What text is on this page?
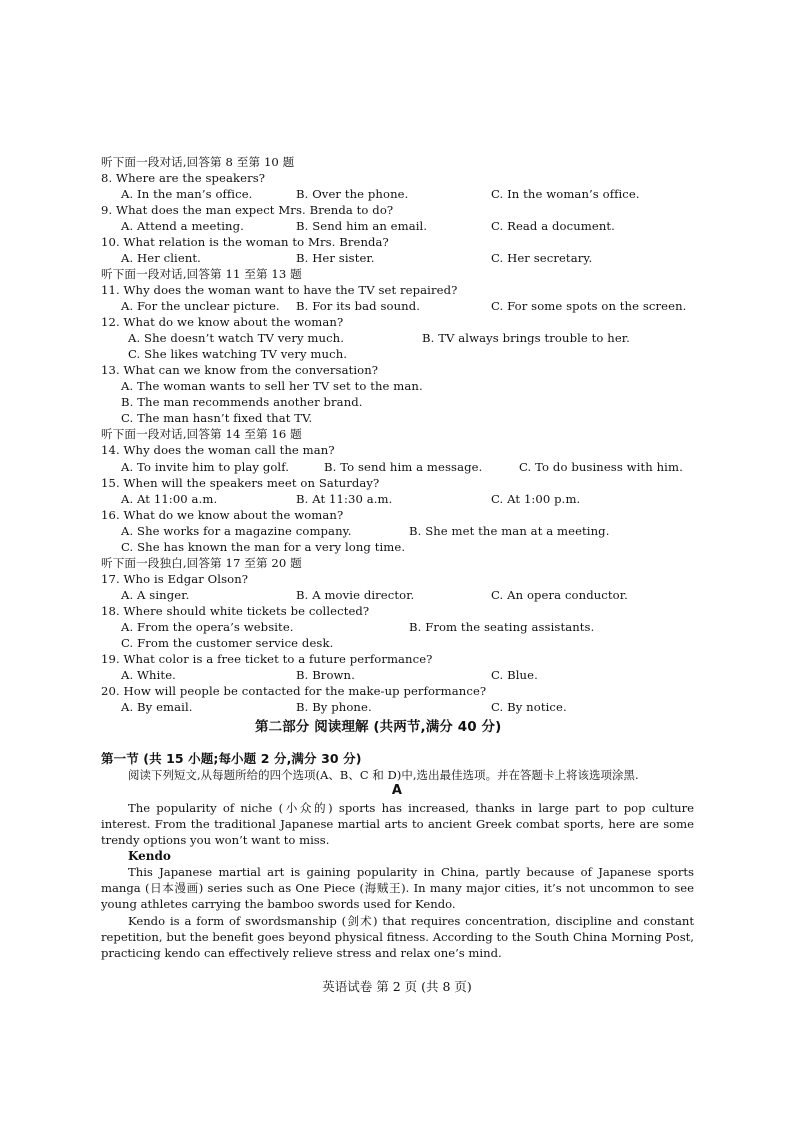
听下面一段对话,回答第 8 至第 10 题
8. Where are the speakers?
A. In the man’s office.	B. Over the phone.	C. In the woman’s office.
9. What does the man expect Mrs. Brenda to do?
A. Attend a meeting.	B. Send him an email.	C. Read a document.
10. What relation is the woman to Mrs. Brenda?
A. Her client.	B. Her sister.	C. Her secretary.
听下面一段对话,回答第 11 至第 13 题
11. Why does the woman want to have the TV set repaired?
A. For the unclear picture. B. For its bad sound.	C. For some spots on the screen.
12. What do we know about the woman?
A. She doesn’t watch TV very much.	B. TV always brings trouble to her.
C. She likes watching TV very much.
13. What can we know from the conversation?
A. The woman wants to sell her TV set to the man.
B. The man recommends another brand.
C. The man hasn’t fixed that TV.
听下面一段对话,回答第 14 至第 16 题
14. Why does the woman call the man?
A. To invite him to play golf.	B. To send him a message.	C. To do business with him.
15. When will the speakers meet on Saturday?
A. At 11:00 a.m.	B. At 11:30 a.m.	C. At 1:00 p.m.
16. What do we know about the woman?
A. She works for a magazine company.	B. She met the man at a meeting.
C. She has known the man for a very long time.
听下面一段独白,回答第 17 至第 20 题
17. Who is Edgar Olson?
A. A singer.	B. A movie director.	C. An opera conductor.
18. Where should white tickets be collected?
A. From the opera’s website.	B. From the seating assistants.
C. From the customer service desk.
19. What color is a free ticket to a future performance?
A. White.	B. Brown.	C. Blue.
20. How will people be contacted for the make-up performance?
A. By email.	B. By phone.	C. By notice.
第二部分 阅读理解 (共两节,满分 40 分)
第一节 (共 15 小题;每小题 2 分,满分 30 分)
阅读下列短文,从每题所给的四个选项(A、B、C 和 D)中,选出最佳选项。并在答题卡上将该选项涂黑.
A
The popularity of niche (小众的) sports has increased, thanks in large part to pop culture interest. From the traditional Japanese martial arts to ancient Greek combat sports, here are some trendy options you won’t want to miss.
Kendo
This Japanese martial art is gaining popularity in China, partly because of Japanese sports manga (日本漫画) series such as One Piece (海贼王). In many major cities, it’s not uncommon to see young athletes carrying the bamboo swords used for Kendo.
Kendo is a form of swordsmanship (剑术) that requires concentration, discipline and constant repetition, but the benefit goes beyond physical fitness. According to the South China Morning Post, practicing kendo can effectively relieve stress and relax one’s mind.
英语试卷 第 2 页 (共 8 页)
